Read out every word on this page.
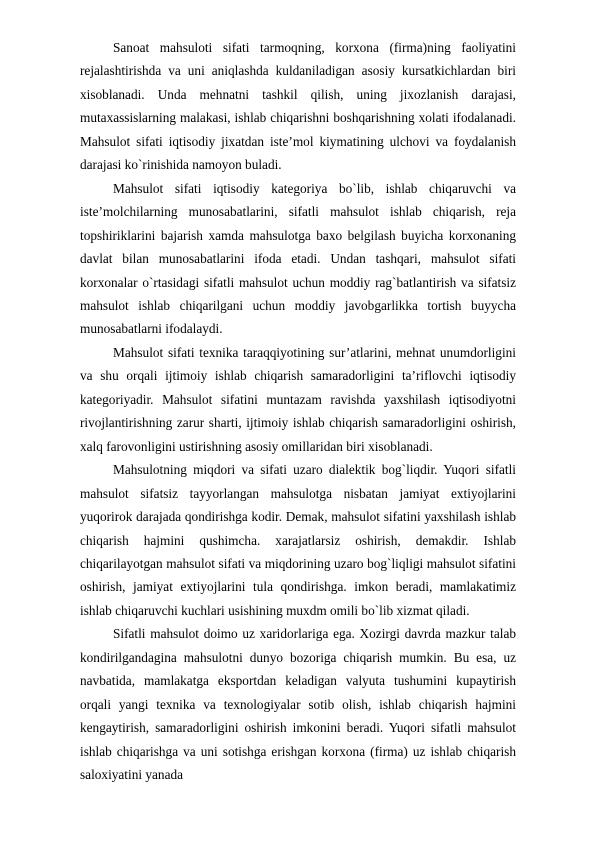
Sanoat mahsuloti sifati tarmoqning, korxona (firma)ning faoliyatini rejalashtirishda va uni aniqlashda kuldaniladigan asosiy kursatkichlardan biri xisoblanadi. Unda mehnatni tashkil qilish, uning jixozlanish darajasi, mutaxassislarning malakasi, ishlab chiqarishni boshqarishning xolati ifodalanadi. Mahsulot sifati iqtisodiy jixatdan iste’mol kiymatining ulchovi va foydalanish darajasi ko`rinishida namoyon buladi.

Mahsulot sifati iqtisodiy kategoriya bo`lib, ishlab chiqaruvchi va iste’molchilarning munosabatlarini, sifatli mahsulot ishlab chiqarish, reja topshiriklarini bajarish xamda mahsulotga baxo belgilash buyicha korxonaning davlat bilan munosabatlarini ifoda etadi. Undan tashqari, mahsulot sifati korxonalar o`rtasidagi sifatli mahsulot uchun moddiy rag`batlantirish va sifatsiz mahsulot ishlab chiqarilgani uchun moddiy javobgarlikka tortish buyycha munosabatlarni ifodalaydi.

Mahsulot sifati texnika taraqqiyotining sur’atlarini, mehnat unumdorligini va shu orqali ijtimoiy ishlab chiqarish samaradorligini ta’riflovchi iqtisodiy kategoriyadir. Mahsulot sifatini muntazam ravishda yaxshilash iqtisodiyotni rivojlantirishning zarur sharti, ijtimoiy ishlab chiqarish samaradorligini oshirish, xalq farovonligini ustirishning asosiy omillaridan biri xisoblanadi.

Mahsulotning miqdori va sifati uzaro dialektik bog`liqdir. Yuqori sifatli mahsulot sifatsiz tayyorlangan mahsulotga nisbatan jamiyat extiyojlarini yuqorirok darajada qondirishga kodir. Demak, mahsulot sifatini yaxshilash ishlab chiqarish hajmini qushimcha. xarajatlarsiz oshirish, demakdir. Ishlab chiqarilayotgan mahsulot sifati va miqdorining uzaro bog`liqligi mahsulot sifatini oshirish, jamiyat extiyojlarini tula qondirishga. imkon beradi, mamlakatimiz ishlab chiqaruvchi kuchlari usishining muxdm omili bo`lib xizmat qiladi.

Sifatli mahsulot doimo uz xaridorlariga ega. Xozirgi davrda mazkur talab kondirilgandagina mahsulotni dunyo bozoriga chiqarish mumkin. Bu esa, uz navbatida, mamlakatga eksportdan keladigan valyuta tushumini kupaytirish orqali yangi texnika va texnologiyalar sotib olish, ishlab chiqarish hajmini kengaytirish, samaradorligini oshirish imkonini beradi. Yuqori sifatli mahsulot ishlab chiqarishga va uni sotishga erishgan korxona (firma) uz ishlab chiqarish saloxiyatini yanada
